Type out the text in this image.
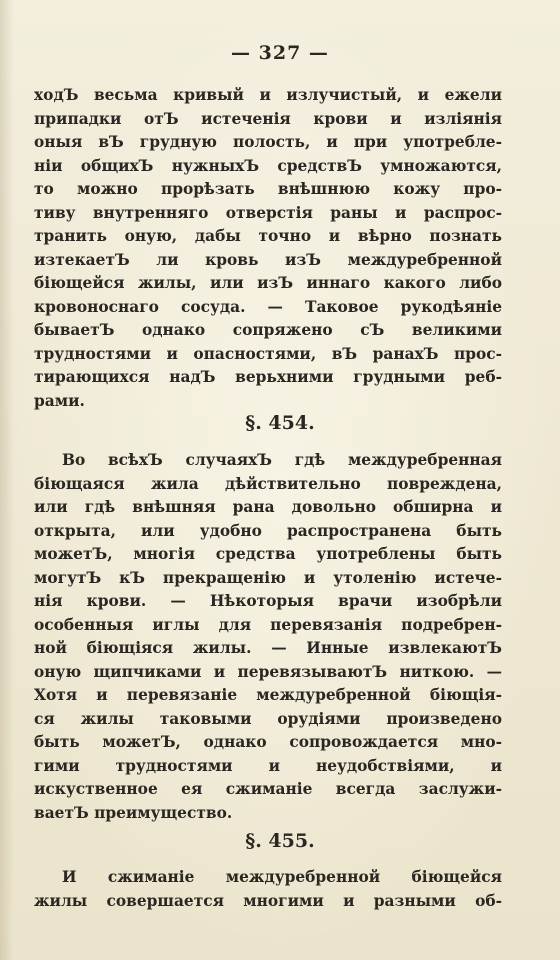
— 327 —
ходЪ весьма кривый и излучистый, и ежели
припадки отЪ истеченія крови и изліянія
оныя вЪ грудную полость, и при употребле-
ніи общихЪ нужныхЪ средствЪ умножаются,
то можно прорѣзать внѣшнюю кожу про-
тиву внутренняго отверстія раны и распрос-
транить оную, дабы точно и вѣрно познать
изтекаетЪ ли кровь изЪ междуребренной
біющейся жилы, или изЪ иннаго какого либо
кровоноснаго сосуда. — Таковое рукодѣяніе
бываетЪ однако сопряжено сЪ великими
трудностями и опасностями, вЪ ранахЪ прос-
тирающихся надЪ верьхними грудными реб-
рами.
§. 454.
Во всѣхЪ случаяхЪ гдѣ междуребренная
біющаяся жила дѣйствительно повреждена,
или гдѣ внѣшняя рана довольно обширна и
открыта, или удобно распространена быть
можетЪ, многія средства употреблены быть
могутЪ кЪ прекращенію и утоленію истече-
нія крови. — Нѣкоторыя врачи изобрѣли
особенныя иглы для перевязанія подребрен-
ной біющіяся жилы. — Инные извлекаютЪ
оную щипчиками и перевязываютЪ ниткою. —
Хотя и перевязаніе междуребренной біющія-
ся жилы таковыми орудіями произведено
быть можетЪ, однако сопровождается мно-
гими трудностями и неудобствіями, и
искуственное ея сжиманіе всегда заслужи-
ваетЪ преимущество.
§. 455.
И сжиманіе междуребренной біющейся
жилы совершается многими и разными об-
